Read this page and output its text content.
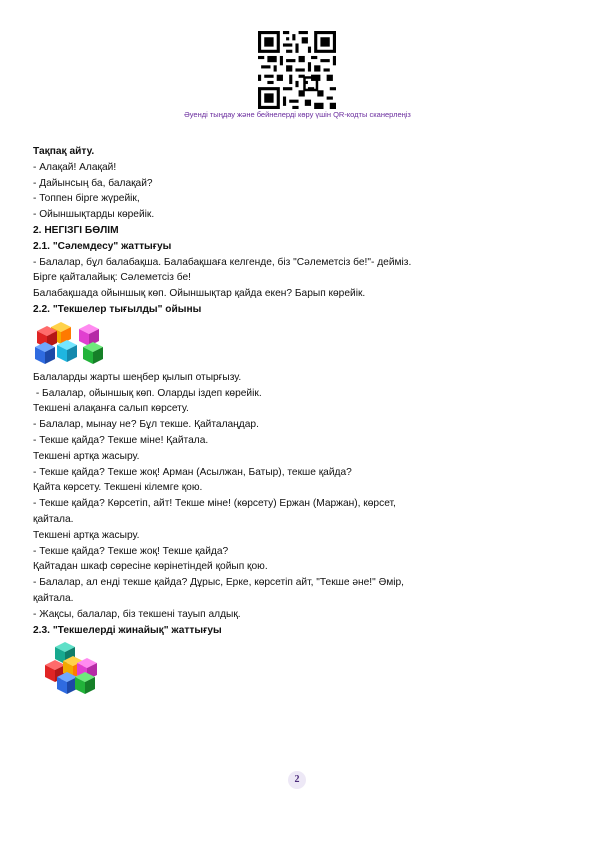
Әуенді тыңдау және бейнелерді көру үшін QR-кодты сканерлеңіз
Тақпақ айту.
- Алақай! Алақай!
- Дайынсың ба, балақай?
- Топпен бірге жүрейік,
- Ойыншықтарды көрейік.
2. НЕГІЗГІ БӨЛІМ
2.1. "Сәлемдесу" жаттығуы
- Балалар, бұл балабақша. Балабақшаға келгенде, біз "Сәлеметсіз бе!"- дейміз.
Бірге қайталайық: Сәлеметсіз бе!
Балабақшада ойыншық көп. Ойыншықтар қайда екен? Барып көрейік.
2.2. "Текшелер тығылды" ойыны
Балаларды жарты шеңбер қылып отырғызу.
- Балалар, ойыншық көп. Оларды іздеп көрейік.
Текшені алақанға салып көрсету.
- Балалар, мынау не? Бұл текше. Қайталаңдар.
- Текше қайда? Текше міне! Қайтала.
Текшені артқа жасыру.
- Текше қайда? Текше жоқ! Арман (Асылжан, Батыр), текше қайда?
Қайта көрсету. Текшені кілемге қою.
- Текше қайда? Көрсетіп, айт! Текше міне! (көрсету) Ержан (Маржан), көрсет,
қайтала.
Текшені артқа жасыру.
- Текше қайда? Текше жоқ! Текше қайда?
Қайтадан шкаф сөресіне көрінетіндей қойып қою.
- Балалар, ал енді текше қайда? Дұрыс, Ерке, көрсетіп айт, "Текше әне!" Әмір,
қайтала.
- Жақсы, балалар, біз текшені тауып алдық.
2.3. "Текшелерді жинайық" жаттығуы
2
